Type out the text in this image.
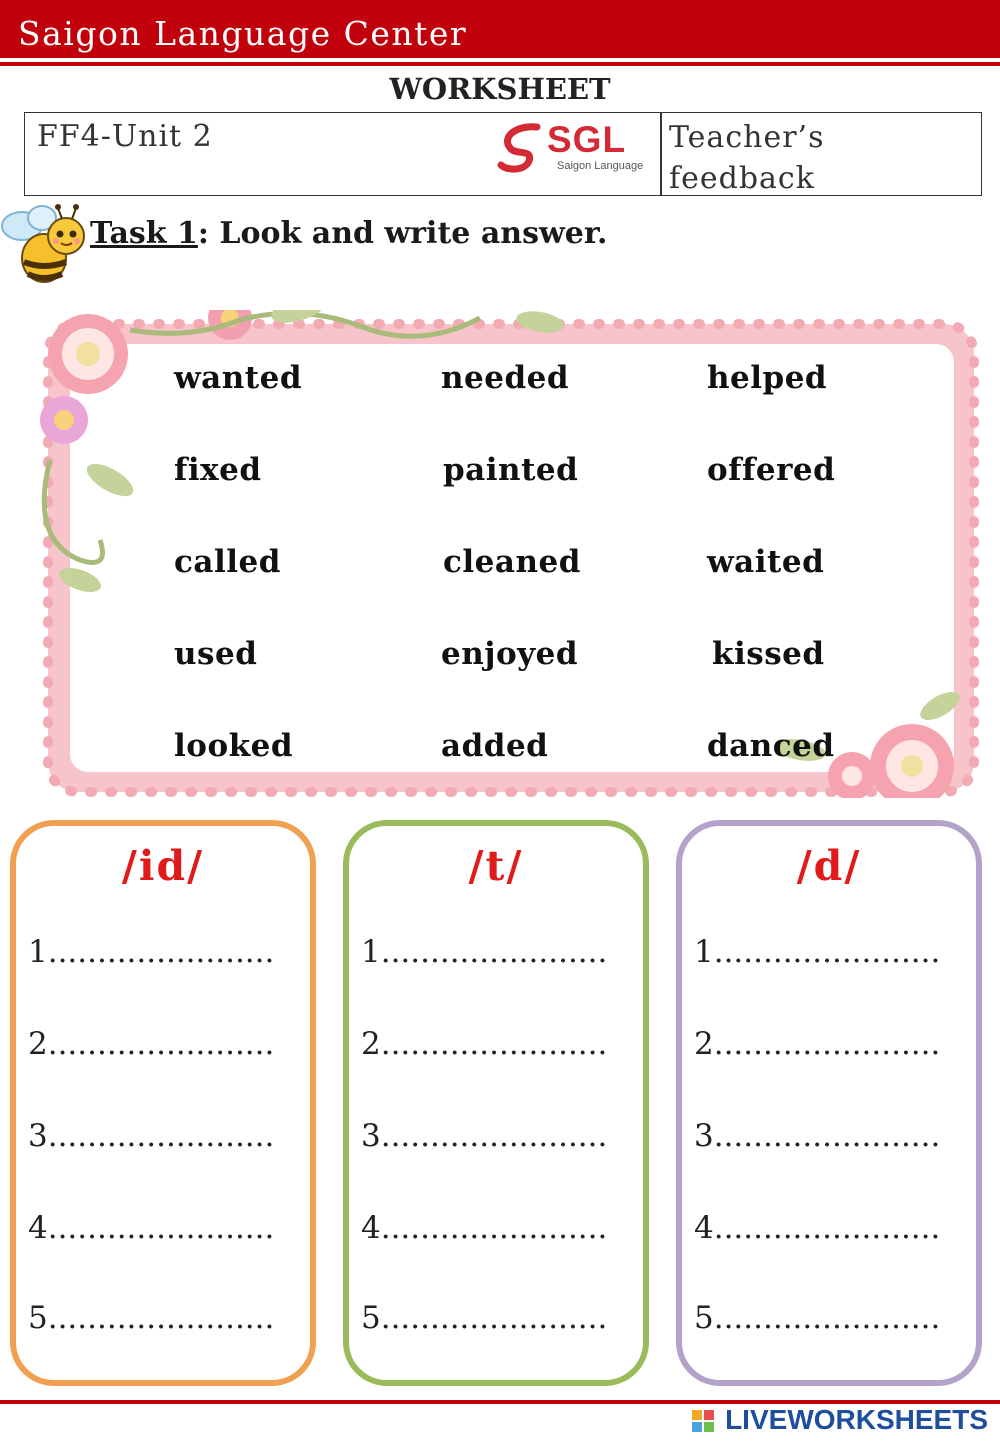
Saigon Language Center
WORKSHEET
FF4-Unit 2	SGL
Saigon Language
Teacher’s
feedback
Task 1: Look and write answer.
wanted	needed	helped
fixed	painted	offered
called	cleaned	waited
used	enjoyed	kissed
looked	added	danced
/id/
1.......................
2.......................
3.......................
4.......................
5.......................
/t/
1.......................
2.......................
3.......................
4.......................
5.......................
/d/
1.......................
2.......................
3.......................
4.......................
5.......................
LIVEWORKSHEETS
